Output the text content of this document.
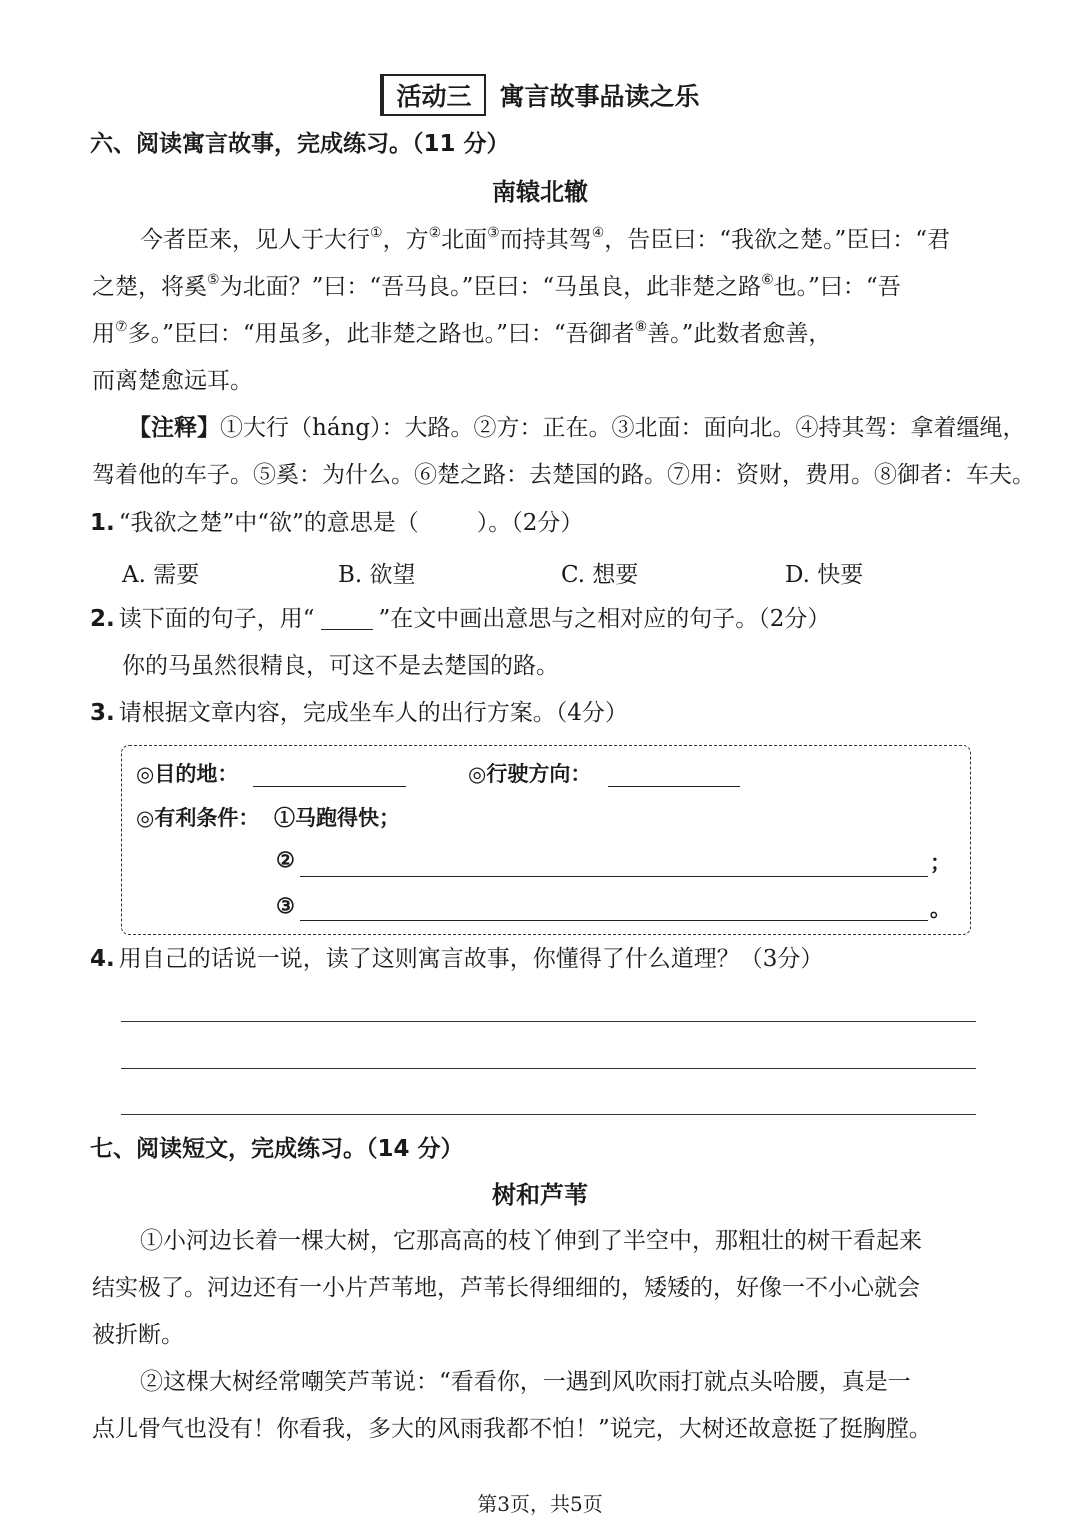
活动三 寓言故事品读之乐
六、阅读寓言故事，完成练习。（11 分）
南辕北辙
今者臣来，见人于大行①，方②北面③而持其驾④，告臣曰：“我欲之楚。”臣曰：“君
之楚，将奚⑤为北面？”曰：“吾马良。”臣曰：“马虽良，此非楚之路⑥也。”曰：“吾
用⑦多。”臣曰：“用虽多，此非楚之路也。”曰：“吾御者⑧善。”此数者愈善，
而离楚愈远耳。
【注释】①大行（háng）：大路。②方：正在。③北面：面向北。④持其驾：拿着缰绳，
驾着他的车子。⑤奚：为什么。⑥楚之路：去楚国的路。⑦用：资财，费用。⑧御者：车夫。
1. “我欲之楚”中“欲”的意思是（	）。（2分）
A. 需要	B. 欲望	C. 想要	D. 快要
2. 读下面的句子，用“	”在文中画出意思与之相对应的句子。（2分）
你的马虽然很精良，可这不是去楚国的路。
3. 请根据文章内容，完成坐车人的出行方案。（4分）
◎目的地：	◎行驶方向：
◎有利条件： ①马跑得快；
②	；
③	。
4. 用自己的话说一说，读了这则寓言故事，你懂得了什么道理？（3分）
七、阅读短文，完成练习。（14 分）
树和芦苇
①小河边长着一棵大树，它那高高的枝丫伸到了半空中，那粗壮的树干看起来
结实极了。河边还有一小片芦苇地，芦苇长得细细的，矮矮的，好像一不小心就会
被折断。
②这棵大树经常嘲笑芦苇说：“看看你，一遇到风吹雨打就点头哈腰，真是一
点儿骨气也没有！你看我，多大的风雨我都不怕！”说完，大树还故意挺了挺胸膛。
第3页，共5页
